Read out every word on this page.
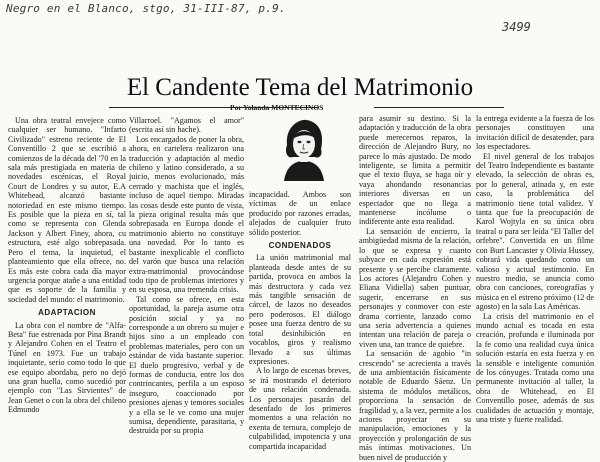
Negro en el Blanco, stgo, 31-III-87, p.9.
3499
El Candente Tema del Matrimonio
Por Yolanda MONTECINOS

Una obra teatral envejece como cualquier ser humano. "Infarto Civilizado" estreno reciente de El Conventillo 2 que se escribió a comienzos de la década del '70 en la sala más prestigiada en materia de novedades escénicas, el Royal Court de Londres y su autor, E.A Whitehead, alcanzó bastante notoriedad en este mismo tiempo. Es posible que la pieza en sí, tal como se representa con Glenda Jackson y Albert Finey, ahora, cu estructura, esté algo sobrepasada. Pero el tema, la inquietud, el planteamiento que ella ofrece, no. Es más este cobra cada día mayor urgencia porque atañe a una entidad que es soporte de la familia y sociedad del mundo: el matrimonio.

ADAPTACION

La obra con el nombre de "Alfa-Beta" fue estrenada por Pina Brandt y Alejandro Cohen en el Teatro el Túnel en 1973. Fue un trabajo inquietante, serio como todo lo que ese equipo abordaba, pero no dejó una gran huella, como sucedió por ejemplo con "Las Sirvientes" de Jean Genet o con la obra del chileno Edmundo

Villarroel. "Agamos el amor" (escrita así sin hache).

Los encargados de poner la obra, ahora, en cartelera realizaron una traducción y adaptación al medio chileno y latino considerado, a su juicio, menos evolucionado, más cerrado y machista que el inglés, incluso de aquel tiempo. Miradas las cosas desde este punto de vista, la pieza original resulta más que sobrepasada en Europa donde el matrimonio abierto no constituye una novedad. Por lo tanto es bastante inexplicable el conflicto del varón que busca una relación extra-matrimonial provocándose todo tipo de problemas interiores y en su esposa, una tremenda crisis.

Tal como se ofrece, en esta oportunidad, la pareja asume otra posición social y ya no corresponde a un obrero su mujer e hijos sino a un empleado con problemas materiales, pero con un estándar de vida bastante superior. El duelo progresivo, verbal y de formas de conducta, entre los dos contrincantes, perfila a un esposo inseguro, coaccionado por presiones ajenas y temores sociales y a ella se le ve como una mujer sumisa, dependiente, parasitaria, y destruida por su propia

incapacidad. Ambos son víctimas de un enlace producido por razones erradas, alejados de cualquier fruto sólido posterior.

CONDENADOS

La unión matrimonial mal planteada desde antes de su partida, provoca en ambos la más destructora y cada vez más tangible sensación de cárcel, de lazos no deseados pero poderosos. El diálogo posee una fuerza dentro de su total desinhibición en vocablos, giros y realismo llevado a sus últimas expresiones.

A lo largo de escenas breves, se irá mostrando el deterioro de una relación condenada. Los personajes pasarán del desenfado de los primeros momentos a una relación no exenta de ternura, complejo de culpabilidad, impotencia y una compartida incapacidad

para asumir su destino. Si la adaptación y traducción de la obra puede merecernos reparos, la dirección de Alejandro Bury, no parece lo más ajustado. De modo inteligente, se limita a permitir que el texto fluya, se haga oír y vaya ahondando resonancias interiores diversas en un espectador que no llega a mantenerse incólume o indiferente ante esta realidad.

La sensación de encierro, la ambigüedad misma de la relación, lo que se expresa y cuanto subyace en cada expresión está presente y se percibe claramente. Los actores (Alejandro Cohen y Eliana Vidiella) saben puntuar, sugerir, encerrarse en sus personajes y conmover con este drama corriente, lanzado como una seria advertencia a quienes intentan una relación de pareja o viven una, tan trance de quiebre.

La sensación de agobio "in crescendo" se acrecienta a través de una ambientación físicamente notable de Eduardo Sáenz. Un sistema de módulos metálicos, proporciona la sensación de fragilidad y, a la vez, permite a los actores proyectar en su manipulación, emociones y la proyección y prolongación de sus más íntimas motivaciones. Un buen nivel de producción y

la entrega evidente a la fuerza de los personajes constituyen una invitación difícil de desatender, para los espectadores.

El nivel general de los trabajos del Teatro Independiente es bastante elevado, la selección de obras es, por lo general, atinada y, en este caso, la problemática del matrimonio tiene total validez. Y tanta que fue la preocupación de Karol Wojtyla en su única obra teatral o para ser leída "El Taller del orfebre". Convertida en un filme con Burt Lancaster y Olivia Hussey, cobrará vida quedando como un valioso y actual testimonio. En nuestro medio, se anuncia como obra con canciones, coreografías y música en el estreno próximo (12 de agosto) en la sala Las Américas.

La crisis del matrimonio en el mundo actual es tocada en esta creación, profunda e iluminada por la fe como una realidad cuya única solución estaría en esta fuerza y en la sensible e inteligente comunión de los cónyuges. Tratada como una permanente invitación al taller, la obra de Whitehead, en El Conventillo posee, además de sus cualidades de actuación y montaje, una triste y fuerte realidad.
